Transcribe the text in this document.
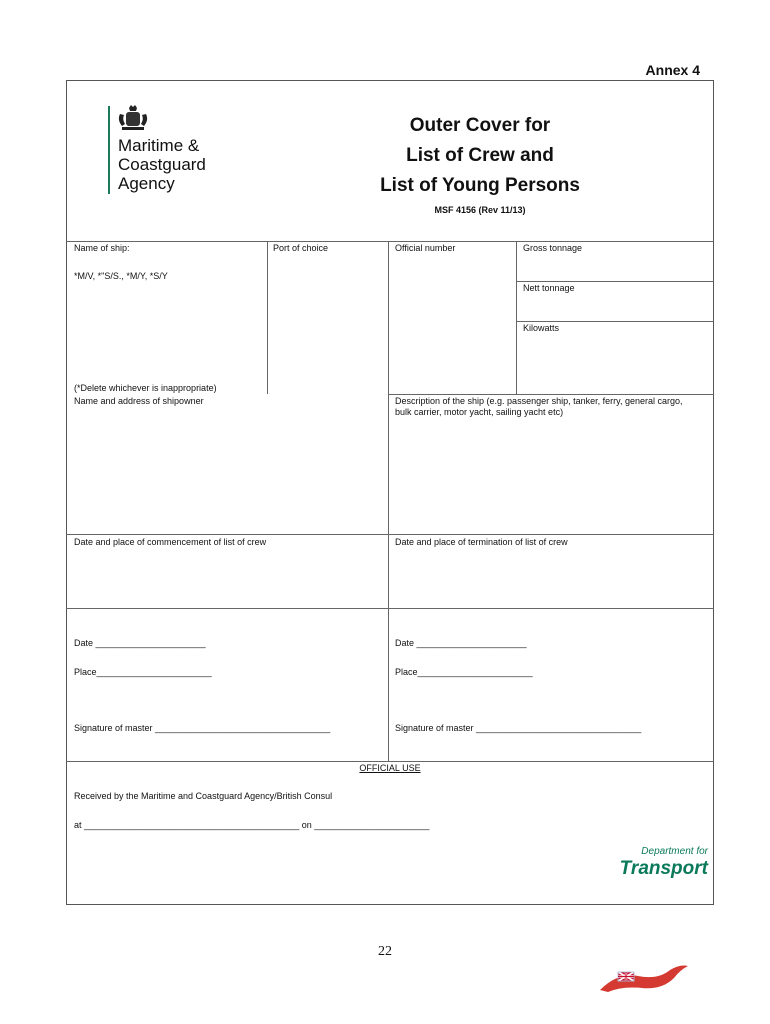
Annex 4
Maritime &
Coastguard
Agency
Outer Cover for
List of Crew and
List of Young Persons
MSF 4156 (Rev 11/13)
Name of ship:
*M/V, *"S/S., *M/Y, *S/Y
(*Delete whichever is inappropriate)
Port of choice	Official number	Gross tonnage
Nett tonnage
Kilowatts
Name and address of shipowner	Description of the ship (e.g. passenger ship, tanker, ferry, general cargo, bulk carrier, motor yacht, sailing yacht etc)
Date and place of commencement of list of crew	Date and place of termination of list of crew
Date ______________________
Place_______________________
Signature of master ___________________________________
Date ______________________
Place_______________________
Signature of master _________________________________
OFFICIAL USE
Received by the Maritime and Coastguard Agency/British Consul
at ___________________________________________ on _______________________
Department for
Transport
22
